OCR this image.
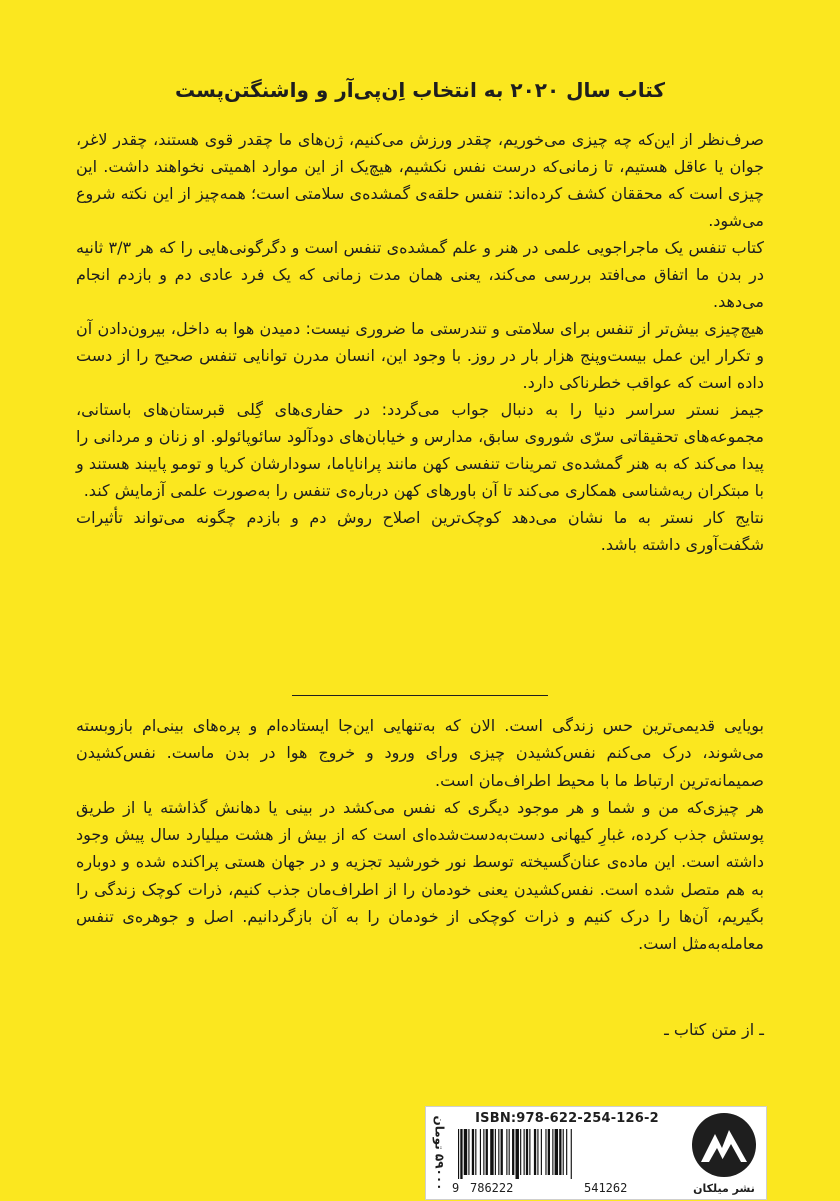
کتاب سال ۲۰۲۰ به انتخاب اِن‌پی‌آر و واشنگتن‌پست

صرف‌نظر از این‌که چه چیزی می‌خوریم، چقدر ورزش می‌کنیم، ژن‌های ما چقدر قوی هستند، چقدر لاغر، جوان یا عاقل هستیم، تا زمانی‌که درست نفس نکشیم، هیچ‌یک از این موارد اهمیتی نخواهند داشت. این چیزی است که محققان کشف کرده‌اند: تنفس حلقه‌ی گمشده‌ی سلامتی است؛ همه‌چیز از این نکته شروع می‌شود.

کتاب تنفس یک ماجراجویی علمی در هنر و علم گمشده‌ی تنفس است و دگرگونی‌هایی را که هر ۳/۳ ثانیه در بدن ما اتفاق می‌افتد بررسی می‌کند، یعنی همان مدت زمانی که یک فرد عادی دم و بازدم انجام می‌دهد.

هیچ‌چیزی بیش‌تر از تنفس برای سلامتی و تندرستی ما ضروری نیست: دمیدن هوا به داخل، بیرون‌دادن آن و تکرار این عمل بیست‌وپنج هزار بار در روز. با وجود این، انسان مدرن توانایی تنفس صحیح را از دست داده است که عواقب خطرناکی دارد.

جیمز نستر سراسر دنیا را به دنبال جواب می‌گردد: در حفاری‌های گِلی قبرستان‌های باستانی، مجموعه‌های تحقیقاتی سرّی شوروی سابق، مدارس و خیابان‌های دودآلود سائوپائولو. او زنان و مردانی را پیدا می‌کند که به هنر گمشده‌ی تمرینات تنفسی کهن مانند پرانایاما، سودارشان کریا و تومو پایبند هستند و با مبتکران ریه‌شناسی همکاری می‌کند تا آن باورهای کهن درباره‌ی تنفس را به‌صورت علمی آزمایش کند.

نتایج کار نستر به ما نشان می‌دهد کوچک‌ترین اصلاح روش دم و بازدم چگونه می‌تواند تأثیرات شگفت‌آوری داشته باشد.

بویایی قدیمی‌ترین حس زندگی است. الان که به‌تنهایی این‌جا ایستاده‌ام و پره‌های بینی‌ام بازوبسته می‌شوند، درک می‌کنم نفس‌کشیدن چیزی ورای ورود و خروج هوا در بدن ماست. نفس‌کشیدن صمیمانه‌ترین ارتباط ما با محیط اطراف‌مان است.

هر چیزی‌که من و شما و هر موجود دیگری که نفس می‌کشد در بینی یا دهانش گذاشته یا از طریق پوستش جذب کرده، غبارِ کیهانی دست‌به‌دست‌شده‌ای است که از بیش از هشت میلیارد سال پیش وجود داشته است. این ماده‌ی عنان‌گسیخته توسط نور خورشید تجزیه و در جهان هستی پراکنده شده و دوباره به هم متصل شده است. نفس‌کشیدن یعنی خودمان را از اطراف‌مان جذب کنیم، ذرات کوچک زندگی را بگیریم، آن‌ها را درک کنیم و ذرات کوچکی از خودمان را به آن بازگردانیم. اصل و جوهره‌ی تنفس معامله‌به‌مثل است.

ـ از متن کتاب ـ
۵۹۰۰۰ تومان
ISBN:978-622-254-126-2
9 786222	541262	نشر میلکان
